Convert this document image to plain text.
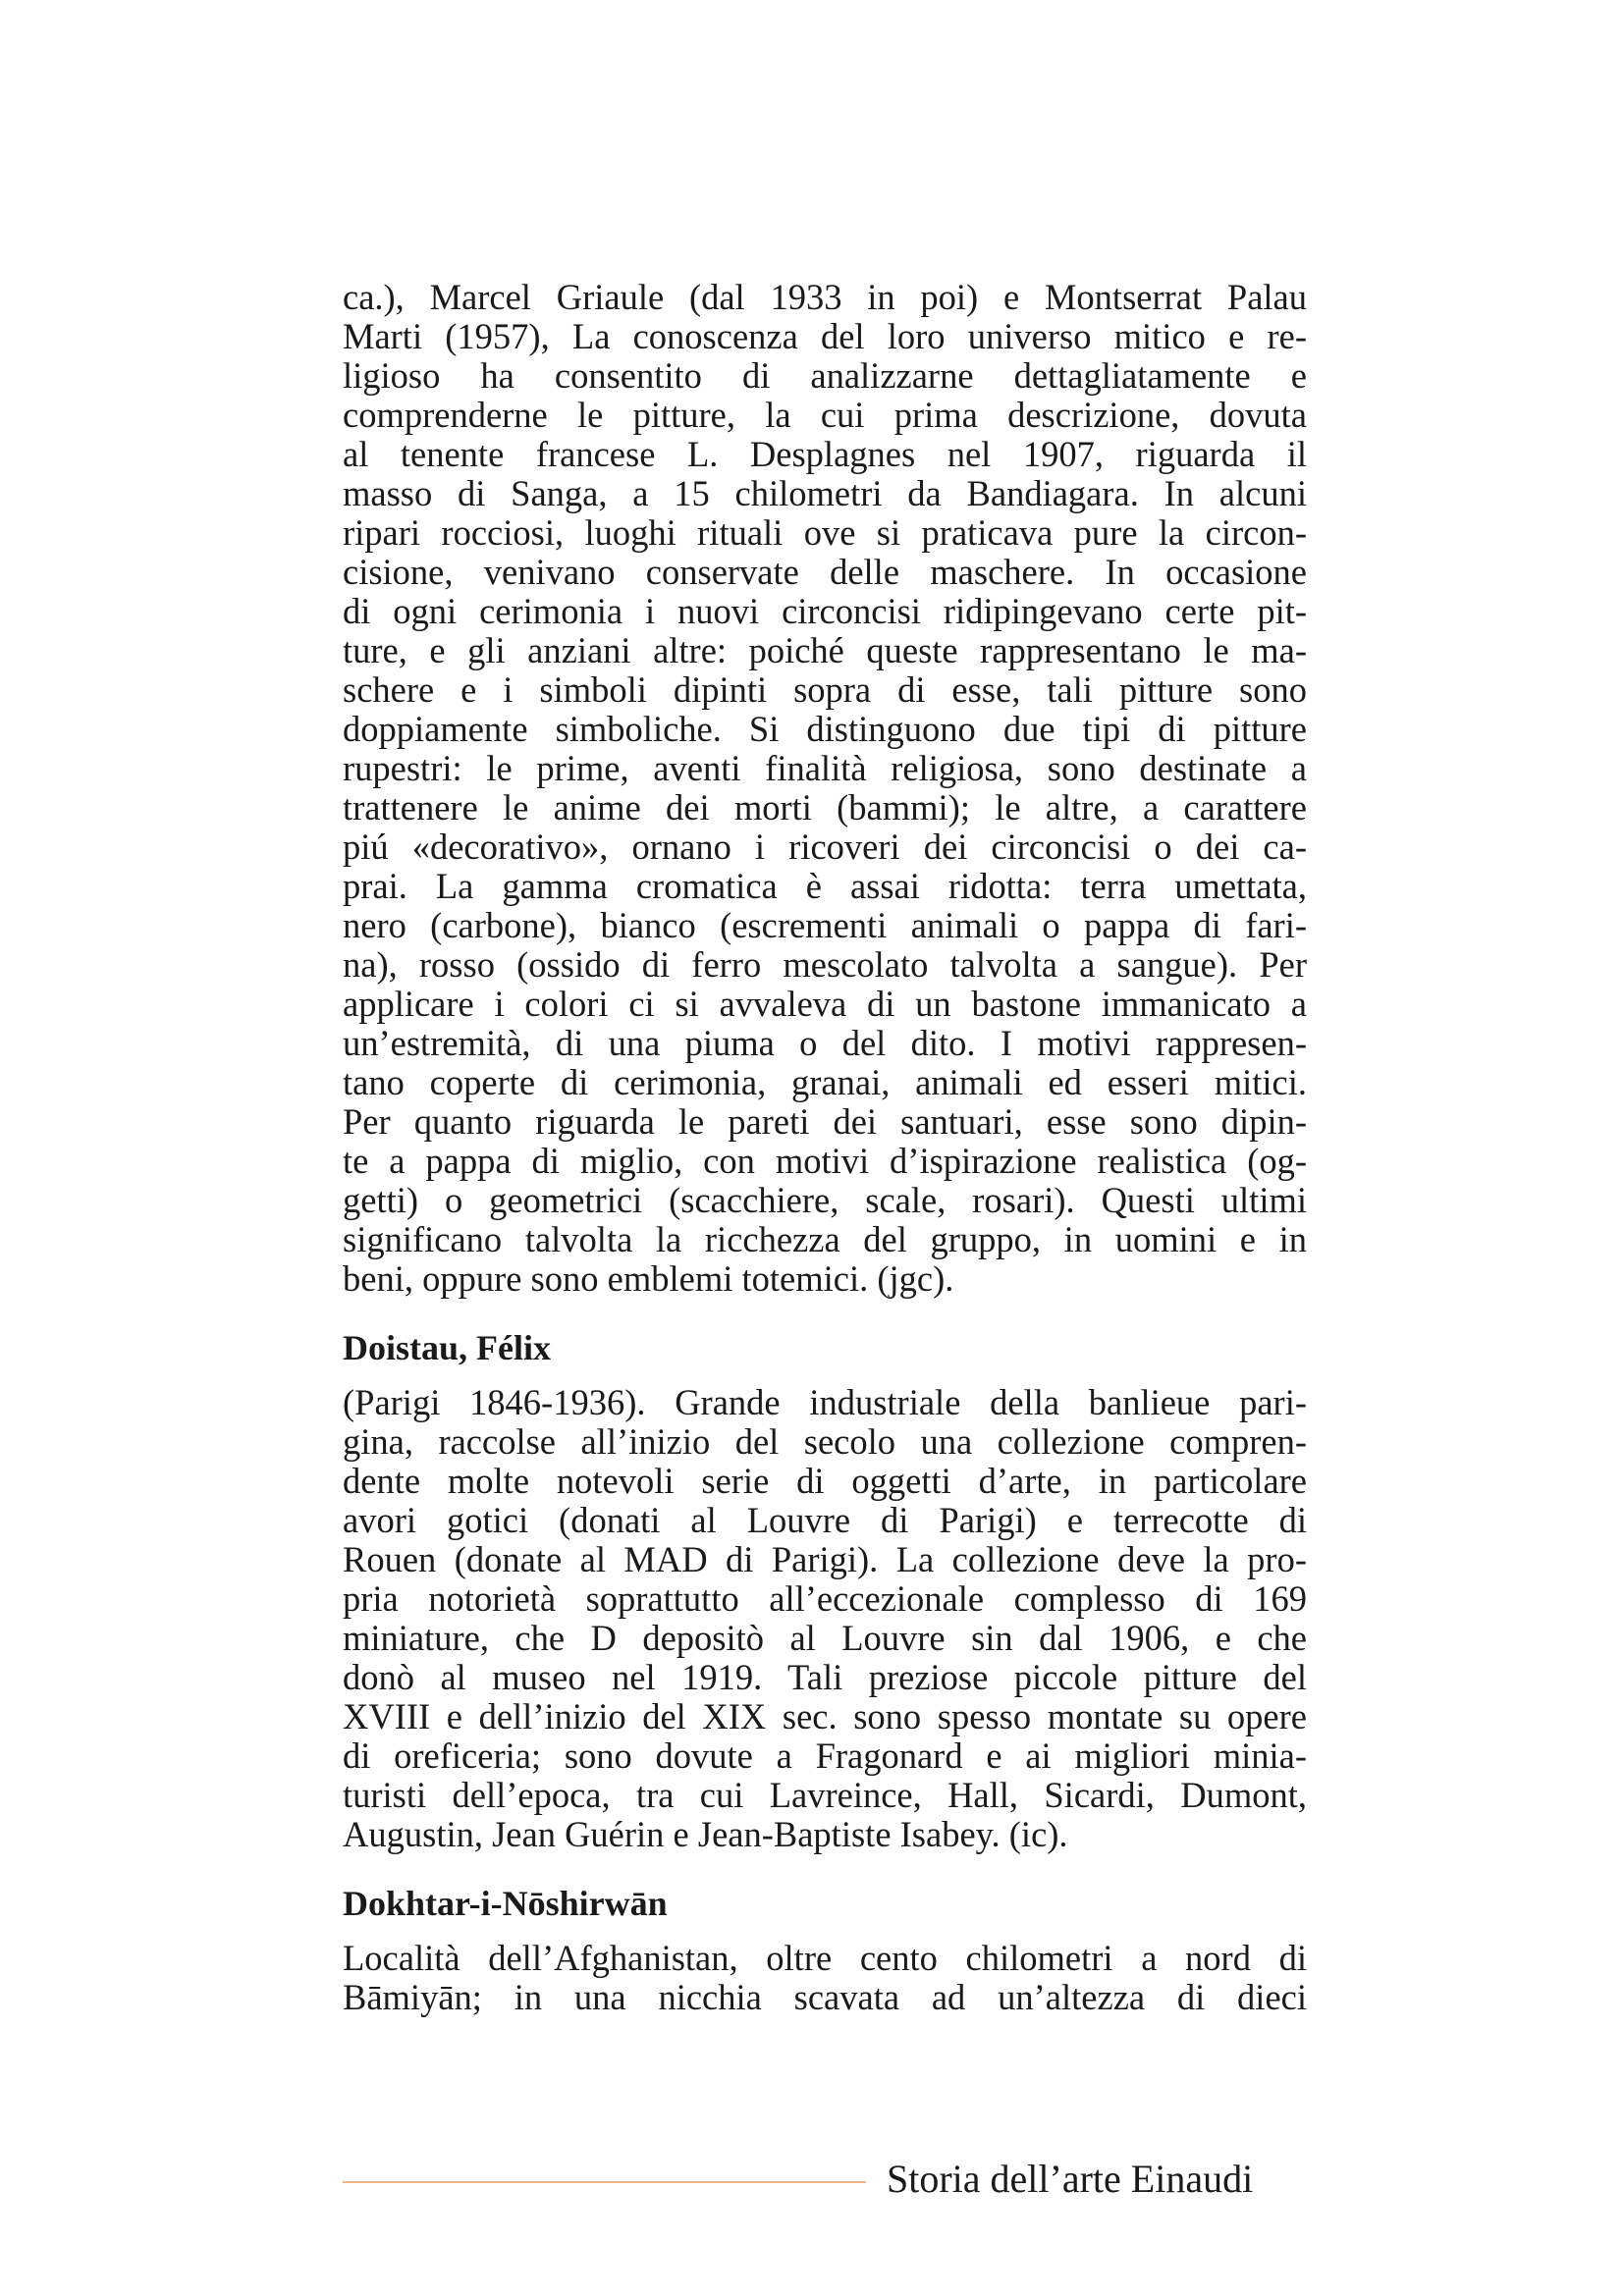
ca.), Marcel Griaule (dal 1933 in poi) e Montserrat Palau
Marti (1957), La conoscenza del loro universo mitico e re-
ligioso ha consentito di analizzarne dettagliatamente e
comprenderne le pitture, la cui prima descrizione, dovuta
al tenente francese L. Desplagnes nel 1907, riguarda il
masso di Sanga, a 15 chilometri da Bandiagara. In alcuni
ripari rocciosi, luoghi rituali ove si praticava pure la circon-
cisione, venivano conservate delle maschere. In occasione
di ogni cerimonia i nuovi circoncisi ridipingevano certe pit-
ture, e gli anziani altre: poiché queste rappresentano le ma-
schere e i simboli dipinti sopra di esse, tali pitture sono
doppiamente simboliche. Si distinguono due tipi di pitture
rupestri: le prime, aventi finalità religiosa, sono destinate a
trattenere le anime dei morti (bammi); le altre, a carattere
piú «decorativo», ornano i ricoveri dei circoncisi o dei ca-
prai. La gamma cromatica è assai ridotta: terra umettata,
nero (carbone), bianco (escrementi animali o pappa di fari-
na), rosso (ossido di ferro mescolato talvolta a sangue). Per
applicare i colori ci si avvaleva di un bastone immanicato a
un’estremità, di una piuma o del dito. I motivi rappresen-
tano coperte di cerimonia, granai, animali ed esseri mitici.
Per quanto riguarda le pareti dei santuari, esse sono dipin-
te a pappa di miglio, con motivi d’ispirazione realistica (og-
getti) o geometrici (scacchiere, scale, rosari). Questi ultimi
significano talvolta la ricchezza del gruppo, in uomini e in
beni, oppure sono emblemi totemici. (jgc).
Doistau, Félix
(Parigi 1846-1936). Grande industriale della banlieue pari-
gina, raccolse all’inizio del secolo una collezione compren-
dente molte notevoli serie di oggetti d’arte, in particolare
avori gotici (donati al Louvre di Parigi) e terrecotte di
Rouen (donate al MAD di Parigi). La collezione deve la pro-
pria notorietà soprattutto all’eccezionale complesso di 169
miniature, che D depositò al Louvre sin dal 1906, e che
donò al museo nel 1919. Tali preziose piccole pitture del
XVIII e dell’inizio del XIX sec. sono spesso montate su opere
di oreficeria; sono dovute a Fragonard e ai migliori minia-
turisti dell’epoca, tra cui Lavreince, Hall, Sicardi, Dumont,
Augustin, Jean Guérin e Jean-Baptiste Isabey. (ic).
Dokhtar-i-Nōshirwān
Località dell’Afghanistan, oltre cento chilometri a nord di
Bāmiyān; in una nicchia scavata ad un’altezza di dieci
Storia dell’arte Einaudi
